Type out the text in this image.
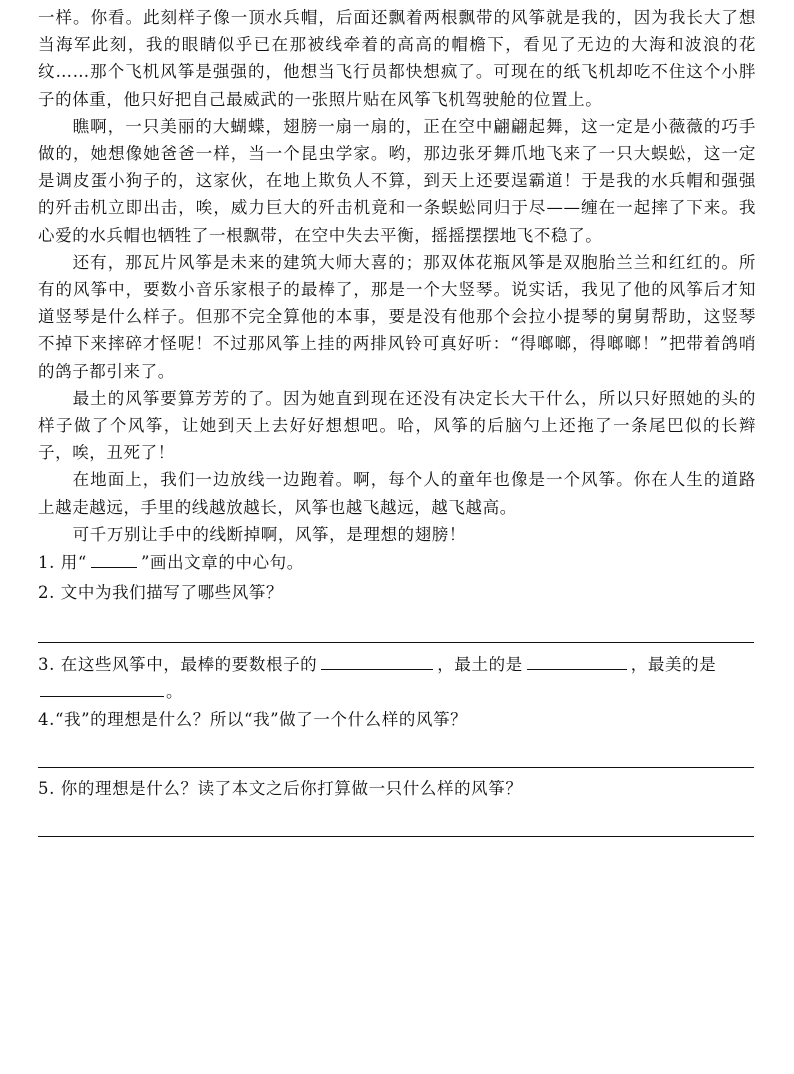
一样。你看。此刻样子像一顶水兵帽，后面还飘着两根飘带的风筝就是我的，因为我长大了想当海军此刻，我的眼睛似乎已在那被线牵着的高高的帽檐下，看见了无边的大海和波浪的花纹……那个飞机风筝是强强的，他想当飞行员都快想疯了。可现在的纸飞机却吃不住这个小胖子的体重，他只好把自己最威武的一张照片贴在风筝飞机驾驶舱的位置上。

瞧啊，一只美丽的大蝴蝶，翅膀一扇一扇的，正在空中翩翩起舞，这一定是小薇薇的巧手做的，她想像她爸爸一样，当一个昆虫学家。哟，那边张牙舞爪地飞来了一只大蜈蚣，这一定是调皮蛋小狗子的，这家伙，在地上欺负人不算，到天上还要逞霸道！于是我的水兵帽和强强的歼击机立即出击，唉，威力巨大的歼击机竟和一条蜈蚣同归于尽——缠在一起摔了下来。我心爱的水兵帽也牺牲了一根飘带，在空中失去平衡，摇摇摆摆地飞不稳了。

还有，那瓦片风筝是未来的建筑大师大喜的；那双体花瓶风筝是双胞胎兰兰和红红的。所有的风筝中，要数小音乐家根子的最棒了，那是一个大竖琴。说实话，我见了他的风筝后才知道竖琴是什么样子。但那不完全算他的本事，要是没有他那个会拉小提琴的舅舅帮助，这竖琴不掉下来摔碎才怪呢！不过那风筝上挂的两排风铃可真好听：“得啷啷，得啷啷！”把带着鸽哨的鸽子都引来了。

最土的风筝要算芳芳的了。因为她直到现在还没有决定长大干什么，所以只好照她的头的样子做了个风筝，让她到天上去好好想想吧。哈，风筝的后脑勺上还拖了一条尾巴似的长辫子，唉，丑死了！

在地面上，我们一边放线一边跑着。啊，每个人的童年也像是一个风筝。你在人生的道路上越走越远，手里的线越放越长，风筝也越飞越远，越飞越高。

可千万别让手中的线断掉啊，风筝，是理想的翅膀！

1. 用“	”画出文章的中心句。

2. 文中为我们描写了哪些风筝？

3. 在这些风筝中，最棒的要数根子的	，最土的是	，最美的是。

4.“我”的理想是什么？所以“我”做了一个什么样的风筝？

5. 你的理想是什么？读了本文之后你打算做一只什么样的风筝？
